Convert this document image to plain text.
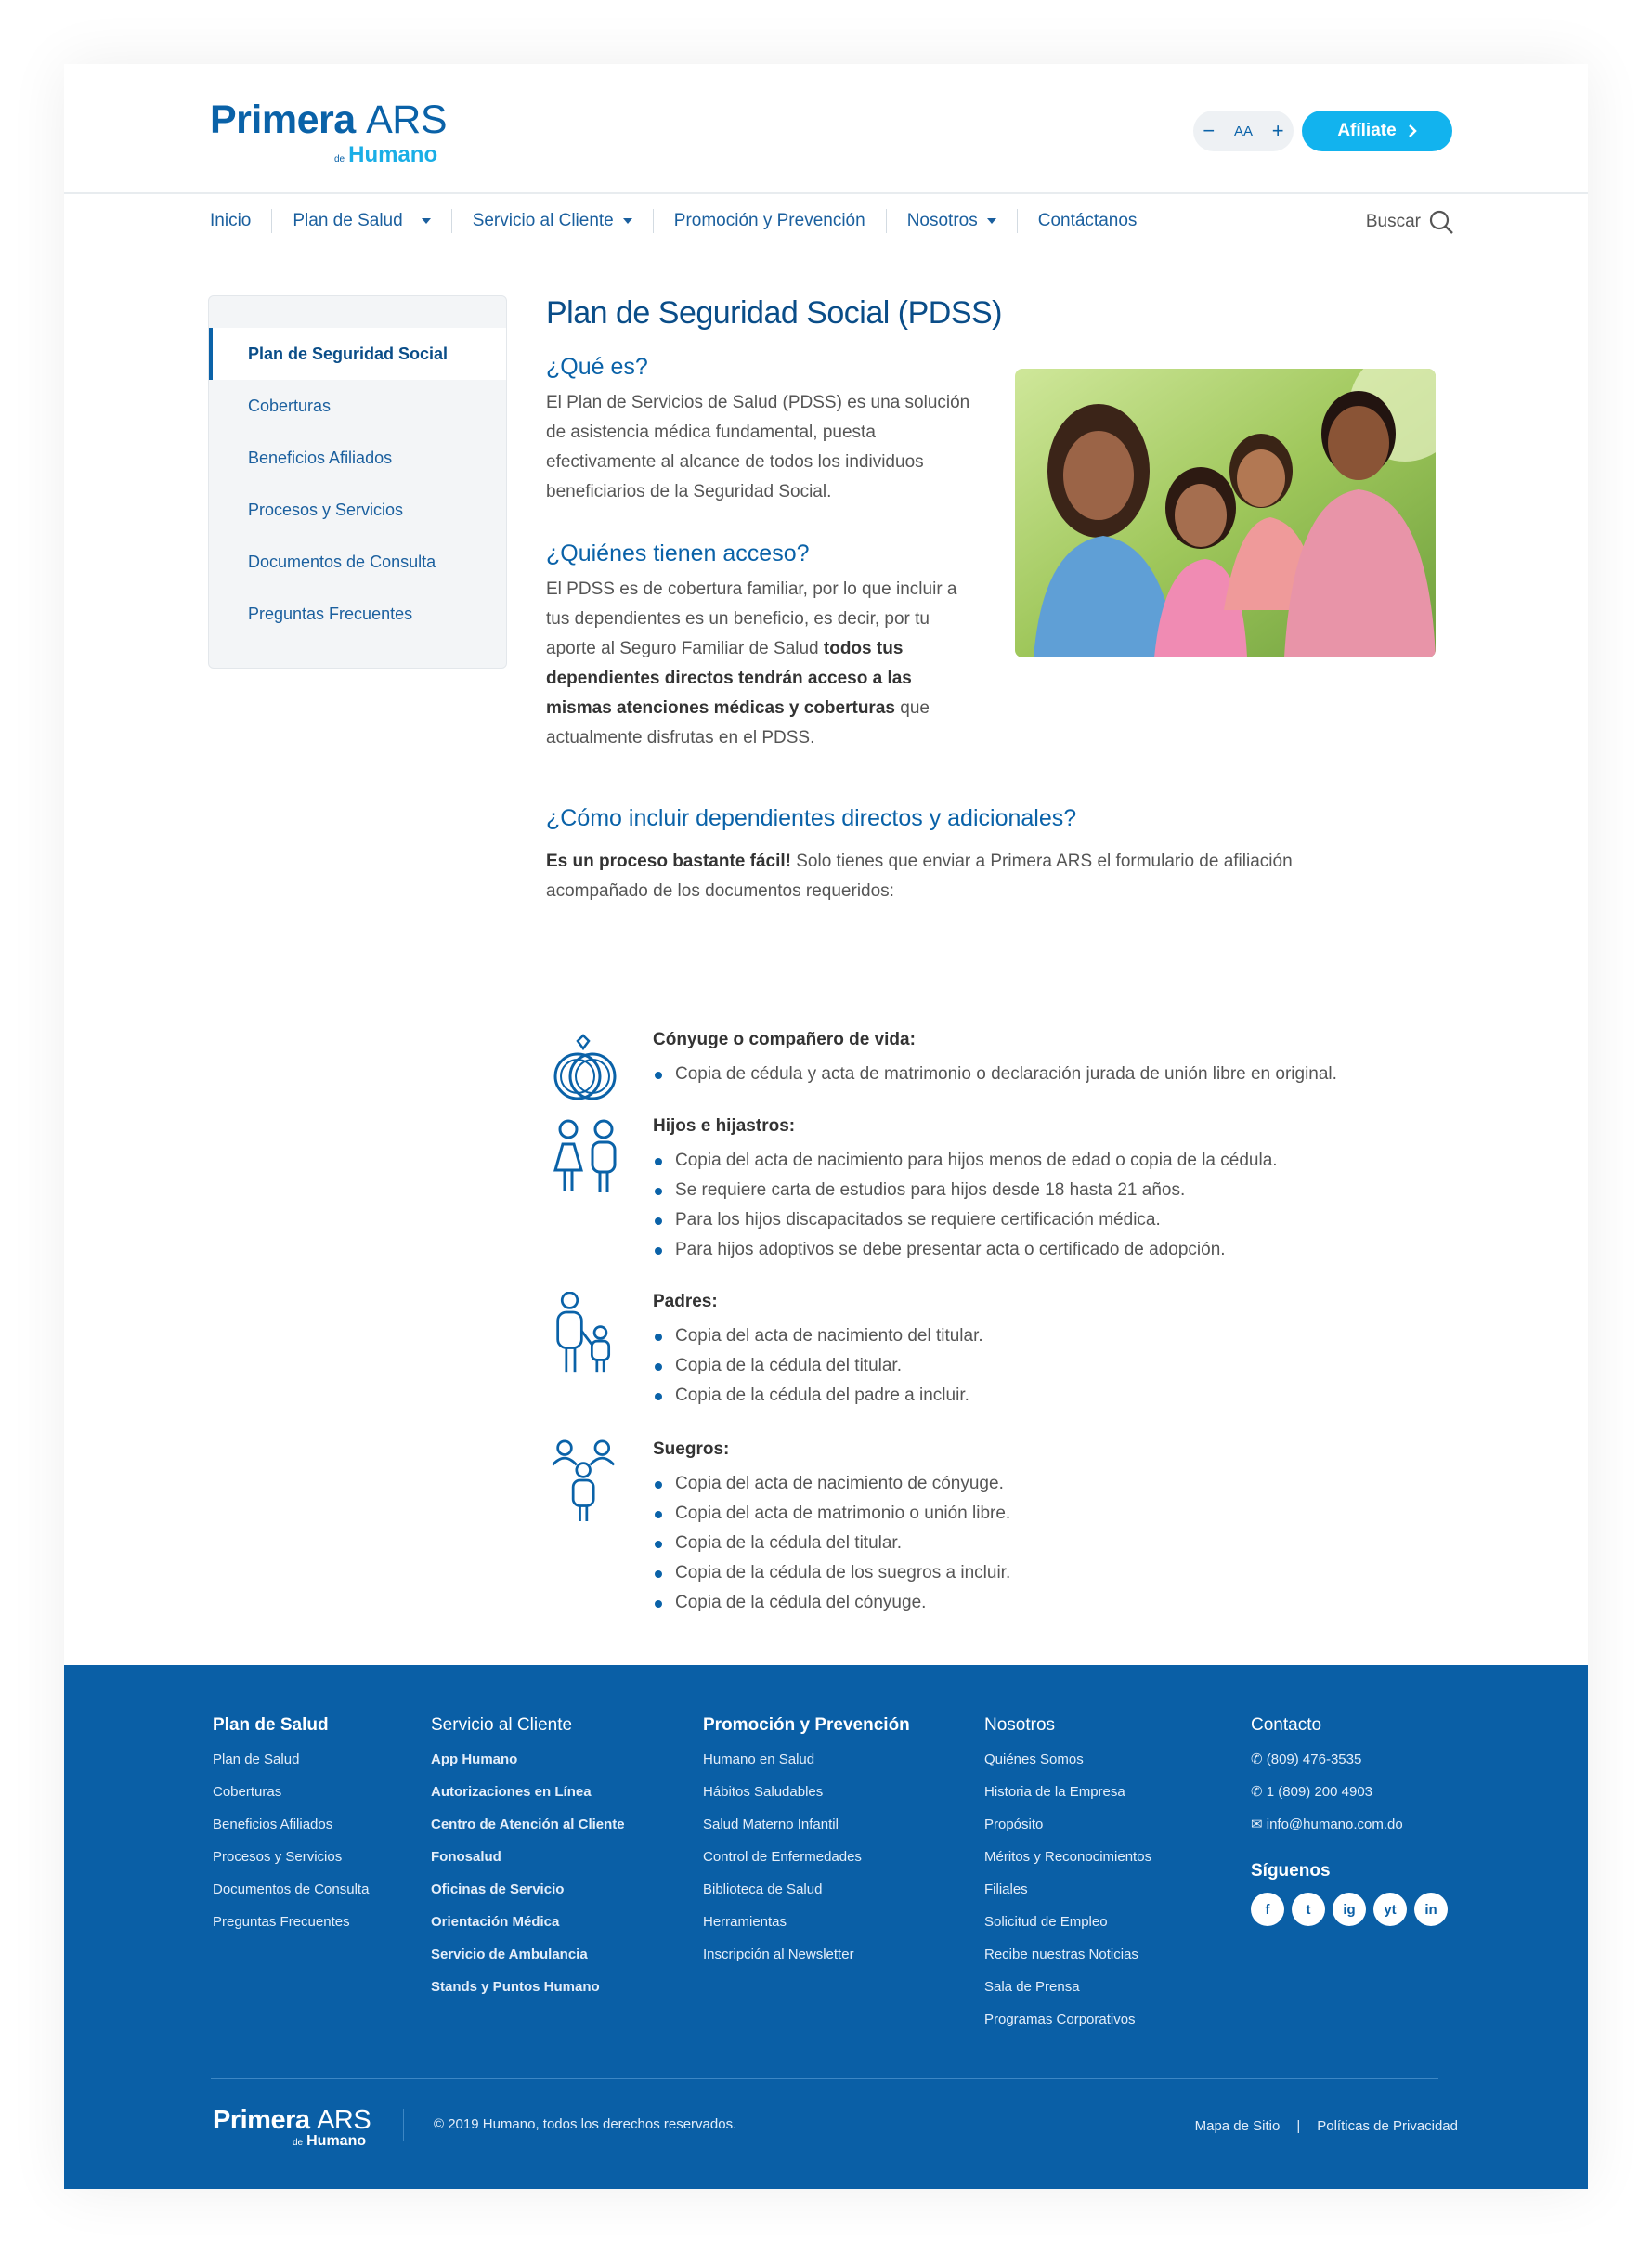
Primera ARS
de Humano
− AA +	Afíliate
Inicio Plan de Salud	Servicio al Cliente	Promoción y Prevención Nosotros	Contáctanos	Buscar
Plan de Seguridad Social
Coberturas
Beneficios Afiliados
Procesos y Servicios
Documentos de Consulta
Preguntas Frecuentes
Plan de Seguridad Social (PDSS)
¿Qué es?

El Plan de Servicios de Salud (PDSS) es una solución de asistencia médica fundamental, puesta efectivamente al alcance de todos los individuos beneficiarios de la Seguridad Social.

¿Quiénes tienen acceso?

El PDSS es de cobertura familiar, por lo que incluir a tus dependientes es un beneficio, es decir, por tu aporte al Seguro Familiar de Salud todos tus dependientes directos tendrán acceso a las mismas atenciones médicas y coberturas que actualmente disfrutas en el PDSS.

¿Cómo incluir dependientes directos y adicionales?

Es un proceso bastante fácil! Solo tienes que enviar a Primera ARS el formulario de afiliación acompañado de los documentos requeridos:

Cónyuge o compañero de vida:
Copia de cédula y acta de matrimonio o declaración jurada de unión libre en original.
Hijos e hijastros:
Copia del acta de nacimiento para hijos menos de edad o copia de la cédula.
Se requiere carta de estudios para hijos desde 18 hasta 21 años.
Para los hijos discapacitados se requiere certificación médica.
Para hijos adoptivos se debe presentar acta o certificado de adopción.
Padres:
Copia del acta de nacimiento del titular.
Copia de la cédula del titular.
Copia de la cédula del padre a incluir.
Suegros:
Copia del acta de nacimiento de cónyuge.
Copia del acta de matrimonio o unión libre.
Copia de la cédula del titular.
Copia de la cédula de los suegros a incluir.
Copia de la cédula del cónyuge.
Plan de Salud
Plan de Salud
Coberturas
Beneficios Afiliados
Procesos y Servicios
Documentos de Consulta
Preguntas Frecuentes
Servicio al Cliente
App Humano
Autorizaciones en Línea
Centro de Atención al Cliente
Fonosalud
Oficinas de Servicio
Orientación Médica
Servicio de Ambulancia
Stands y Puntos Humano
Promoción y Prevención
Humano en Salud
Hábitos Saludables
Salud Materno Infantil
Control de Enfermedades
Biblioteca de Salud
Herramientas
Inscripción al Newsletter
Nosotros
Quiénes Somos
Historia de la Empresa
Propósito
Méritos y Reconocimientos
Filiales
Solicitud de Empleo
Recibe nuestras Noticias
Sala de Prensa
Programas Corporativos
Contacto
✆ (809) 476-3535
✆ 1 (809) 200 4903
✉ info@humano.com.do
Síguenos
f	t	ig	yt	in
Primera ARS
de Humano
© 2019 Humano, todos los derechos reservados.	Mapa de Sitio | Políticas de Privacidad
